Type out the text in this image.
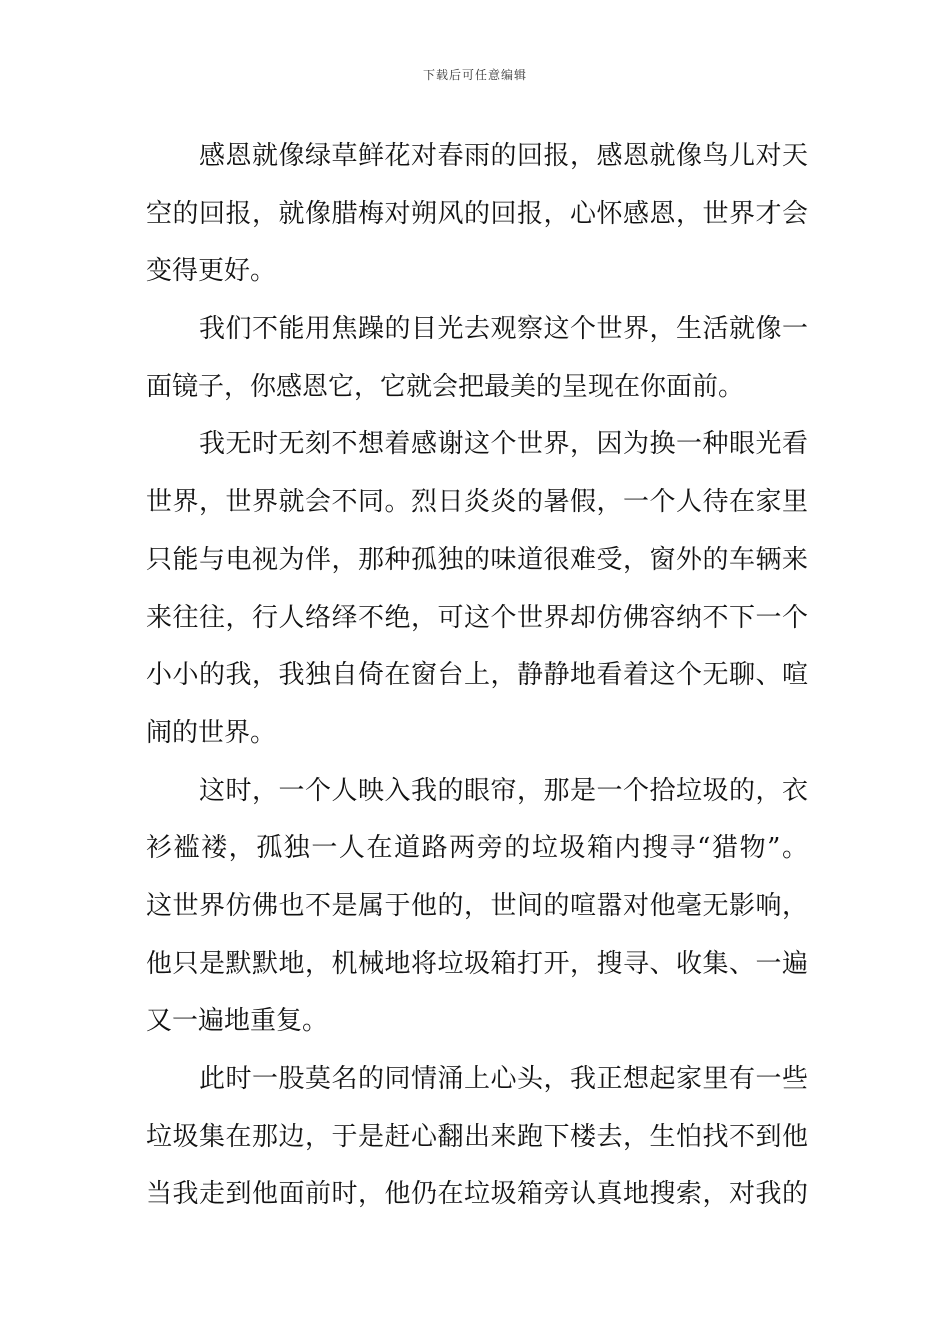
下载后可任意编辑
感恩就像绿草鲜花对春雨的回报，感恩就像鸟儿对天
空的回报，就像腊梅对朔风的回报，心怀感恩，世界才会
变得更好。
我们不能用焦躁的目光去观察这个世界，生活就像一
面镜子，你感恩它，它就会把最美的呈现在你面前。
我无时无刻不想着感谢这个世界，因为换一种眼光看
世界，世界就会不同。烈日炎炎的暑假，一个人待在家里
只能与电视为伴，那种孤独的味道很难受，窗外的车辆来
来往往，行人络绎不绝，可这个世界却仿佛容纳不下一个
小小的我，我独自倚在窗台上，静静地看着这个无聊、喧
闹的世界。
这时，一个人映入我的眼帘，那是一个拾垃圾的，衣
衫褴褛，孤独一人在道路两旁的垃圾箱内搜寻“猎物”。
这世界仿佛也不是属于他的，世间的喧嚣对他毫无影响，
他只是默默地，机械地将垃圾箱打开，搜寻、收集、一遍
又一遍地重复。
此时一股莫名的同情涌上心头，我正想起家里有一些
垃圾集在那边，于是赶心翻出来跑下楼去，生怕找不到他
当我走到他面前时，他仍在垃圾箱旁认真地搜索，对我的
